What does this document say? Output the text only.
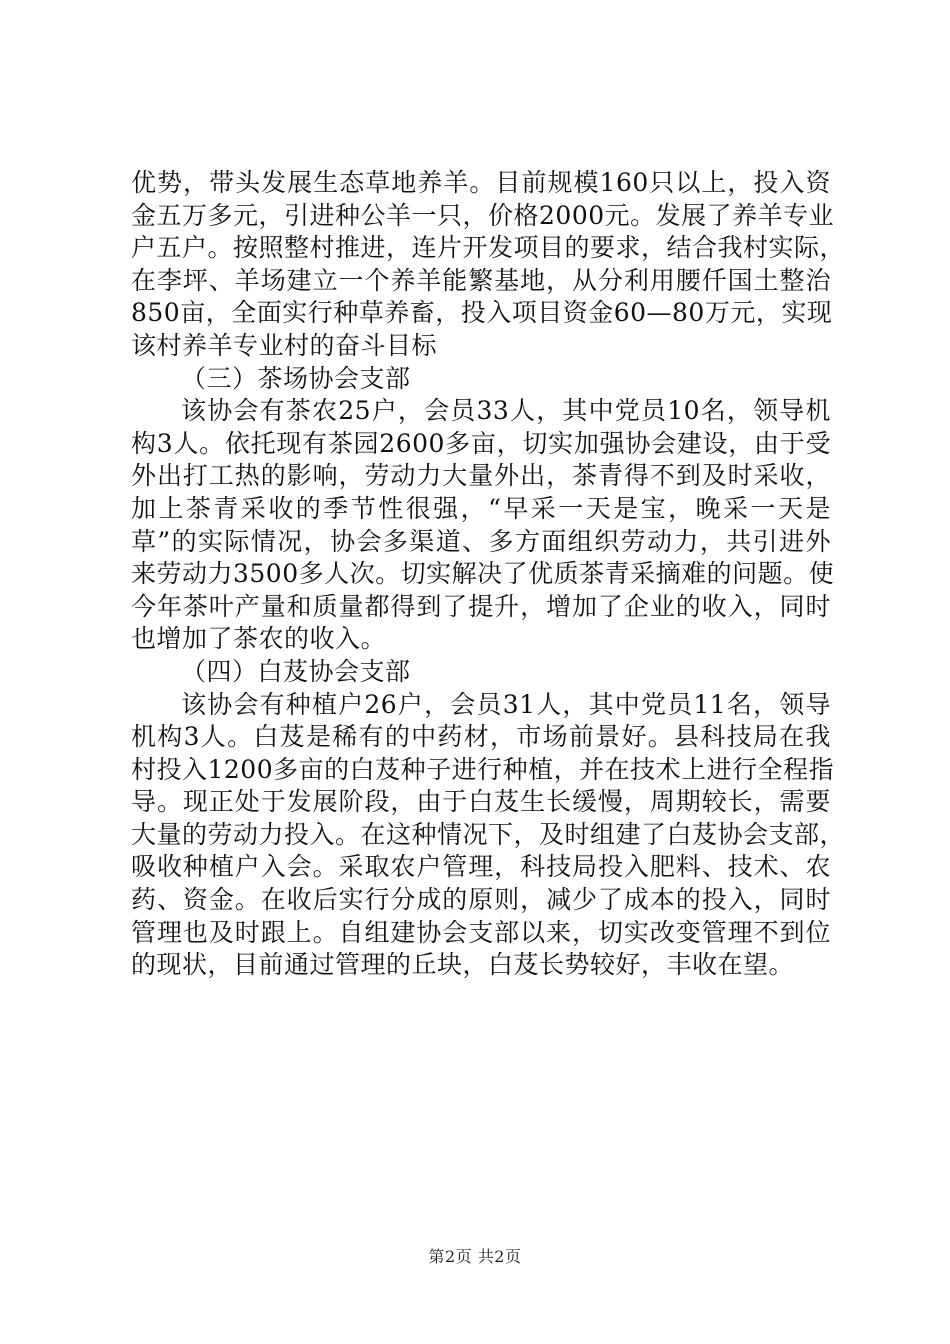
优势，带头发展生态草地养羊。目前规模160只以上，投入资
金五万多元，引进种公羊一只，价格2000元。发展了养羊专业
户五户。按照整村推进，连片开发项目的要求，结合我村实际，
在李坪、羊场建立一个养羊能繁基地，从分利用腰仟国土整治
850亩，全面实行种草养畜，投入项目资金60—80万元，实现
该村养羊专业村的奋斗目标
（三）茶场协会支部
该协会有茶农25户，会员33人，其中党员10名，领导机
构3人。依托现有茶园2600多亩，切实加强协会建设，由于受
外出打工热的影响，劳动力大量外出，茶青得不到及时采收，
加上茶青采收的季节性很强，“早采一天是宝，晚采一天是
草”的实际情况，协会多渠道、多方面组织劳动力，共引进外
来劳动力3500多人次。切实解决了优质茶青采摘难的问题。使
今年茶叶产量和质量都得到了提升，增加了企业的收入，同时
也增加了茶农的收入。
（四）白芨协会支部
该协会有种植户26户，会员31人，其中党员11名，领导
机构3人。白芨是稀有的中药材，市场前景好。县科技局在我
村投入1200多亩的白芨种子进行种植，并在技术上进行全程指
导。现正处于发展阶段，由于白芨生长缓慢，周期较长，需要
大量的劳动力投入。在这种情况下，及时组建了白芨协会支部，
吸收种植户入会。采取农户管理，科技局投入肥料、技术、农
药、资金。在收后实行分成的原则，减少了成本的投入，同时
管理也及时跟上。自组建协会支部以来，切实改变管理不到位
的现状，目前通过管理的丘块，白芨长势较好，丰收在望。
第2页 共2页
